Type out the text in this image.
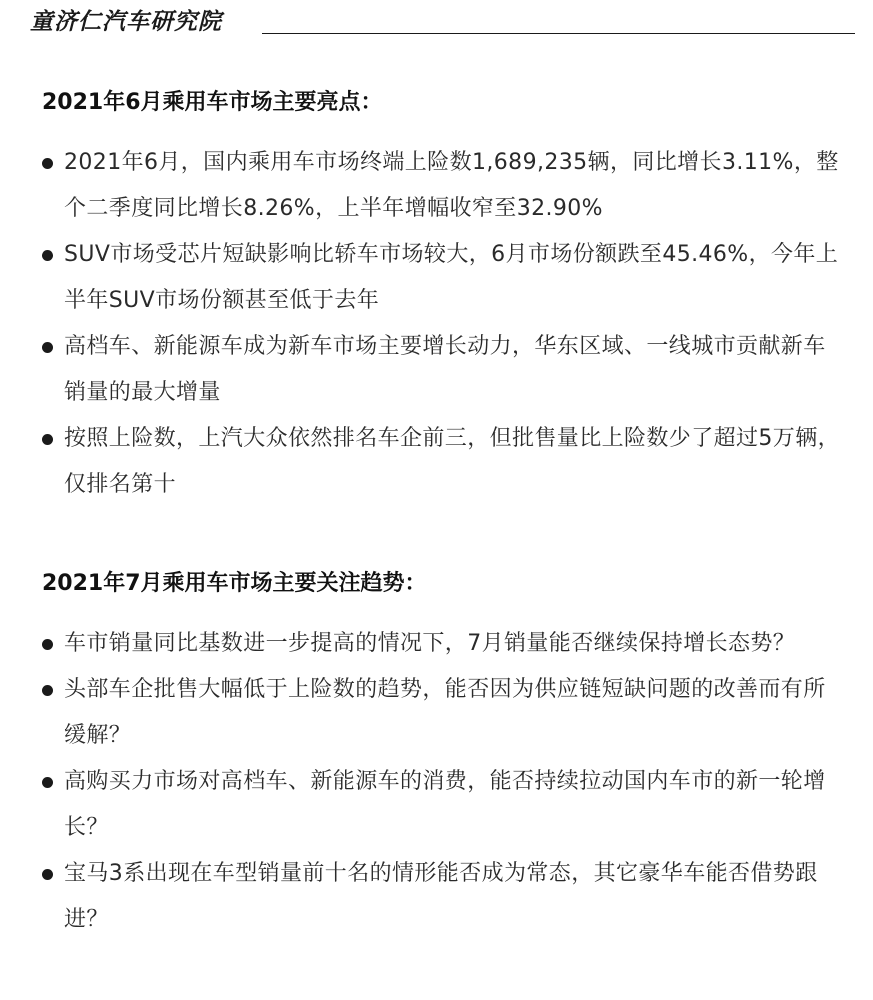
童济仁汽车研究院
2021年6月乘用车市场主要亮点：
2021年6月，国内乘用车市场终端上险数1,689,235辆，同比增长3.11%，整个二季度同比增长8.26%，上半年增幅收窄至32.90%
SUV市场受芯片短缺影响比轿车市场较大，6月市场份额跌至45.46%，今年上半年SUV市场份额甚至低于去年
高档车、新能源车成为新车市场主要增长动力，华东区域、一线城市贡献新车销量的最大增量
按照上险数，上汽大众依然排名车企前三，但批售量比上险数少了超过5万辆，仅排名第十
2021年7月乘用车市场主要关注趋势：
车市销量同比基数进一步提高的情况下，7月销量能否继续保持增长态势？
头部车企批售大幅低于上险数的趋势，能否因为供应链短缺问题的改善而有所缓解？
高购买力市场对高档车、新能源车的消费，能否持续拉动国内车市的新一轮增长？
宝马3系出现在车型销量前十名的情形能否成为常态，其它豪华车能否借势跟进？
